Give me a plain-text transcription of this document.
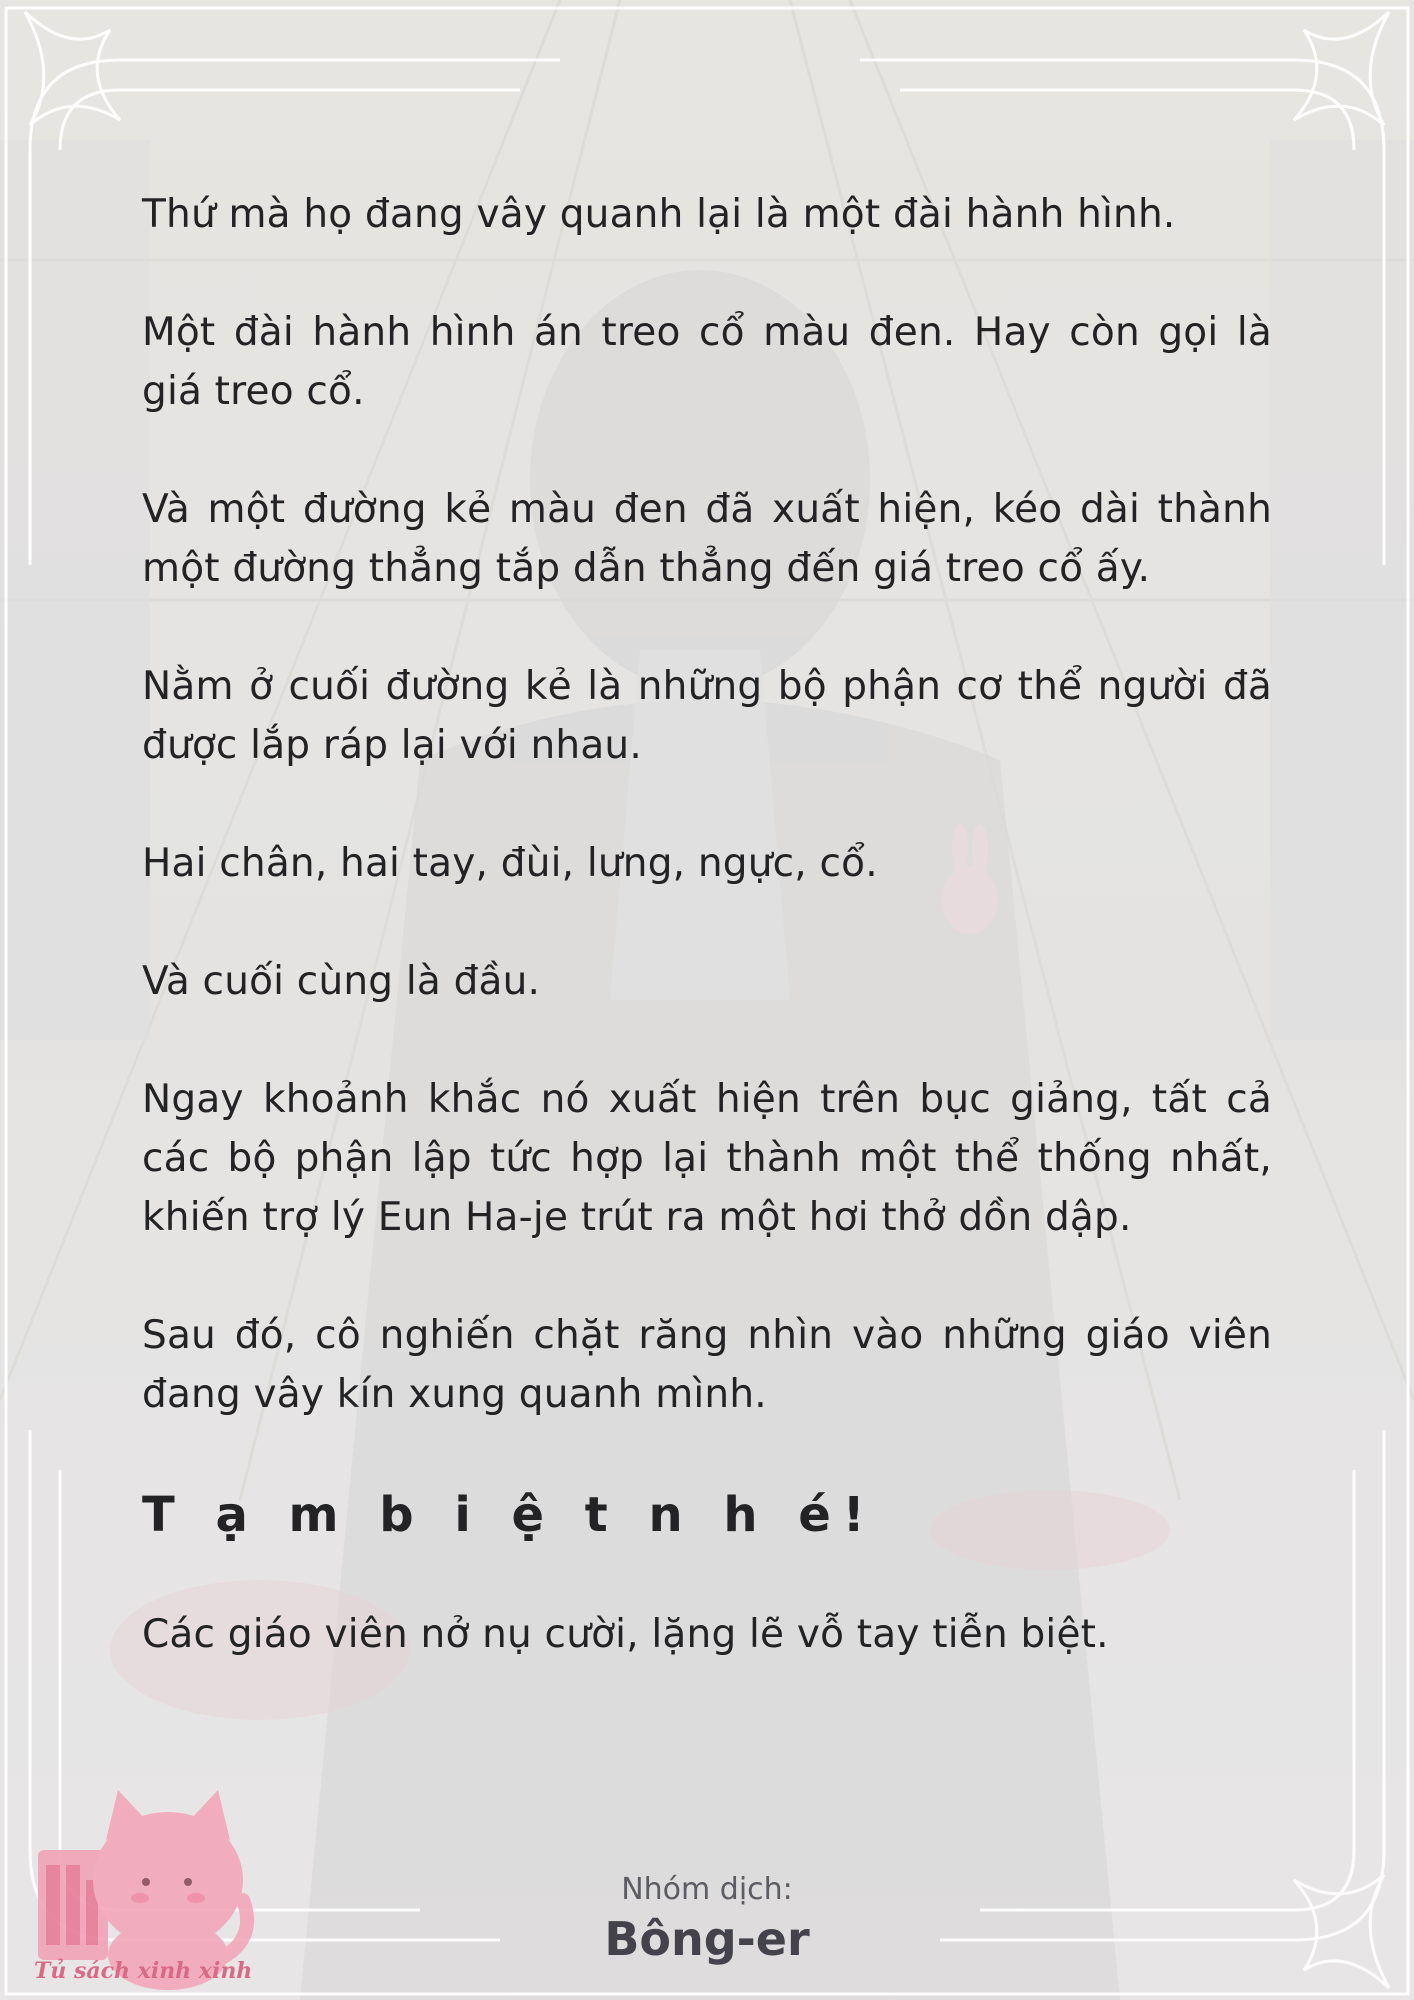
Thứ mà họ đang vây quanh lại là một đài hành hình.

Một đài hành hình án treo cổ màu đen. Hay còn gọi là giá treo cổ.

Và một đường kẻ màu đen đã xuất hiện, kéo dài thành một đường thẳng tắp dẫn thẳng đến giá treo cổ ấy.

Nằm ở cuối đường kẻ là những bộ phận cơ thể người đã được lắp ráp lại với nhau.

Hai chân, hai tay, đùi, lưng, ngực, cổ.

Và cuối cùng là đầu.

Ngay khoảnh khắc nó xuất hiện trên bục giảng, tất cả các bộ phận lập tức hợp lại thành một thể thống nhất, khiến trợ lý Eun Ha-je trút ra một hơi thở dồn dập.

Sau đó, cô nghiến chặt răng nhìn vào những giáo viên đang vây kín xung quanh mình.

T ạ m b i ệ t n h é!

Các giáo viên nở nụ cười, lặng lẽ vỗ tay tiễn biệt.

Tủ sách xinh xinh
Nhóm dịch:
Bông-er
